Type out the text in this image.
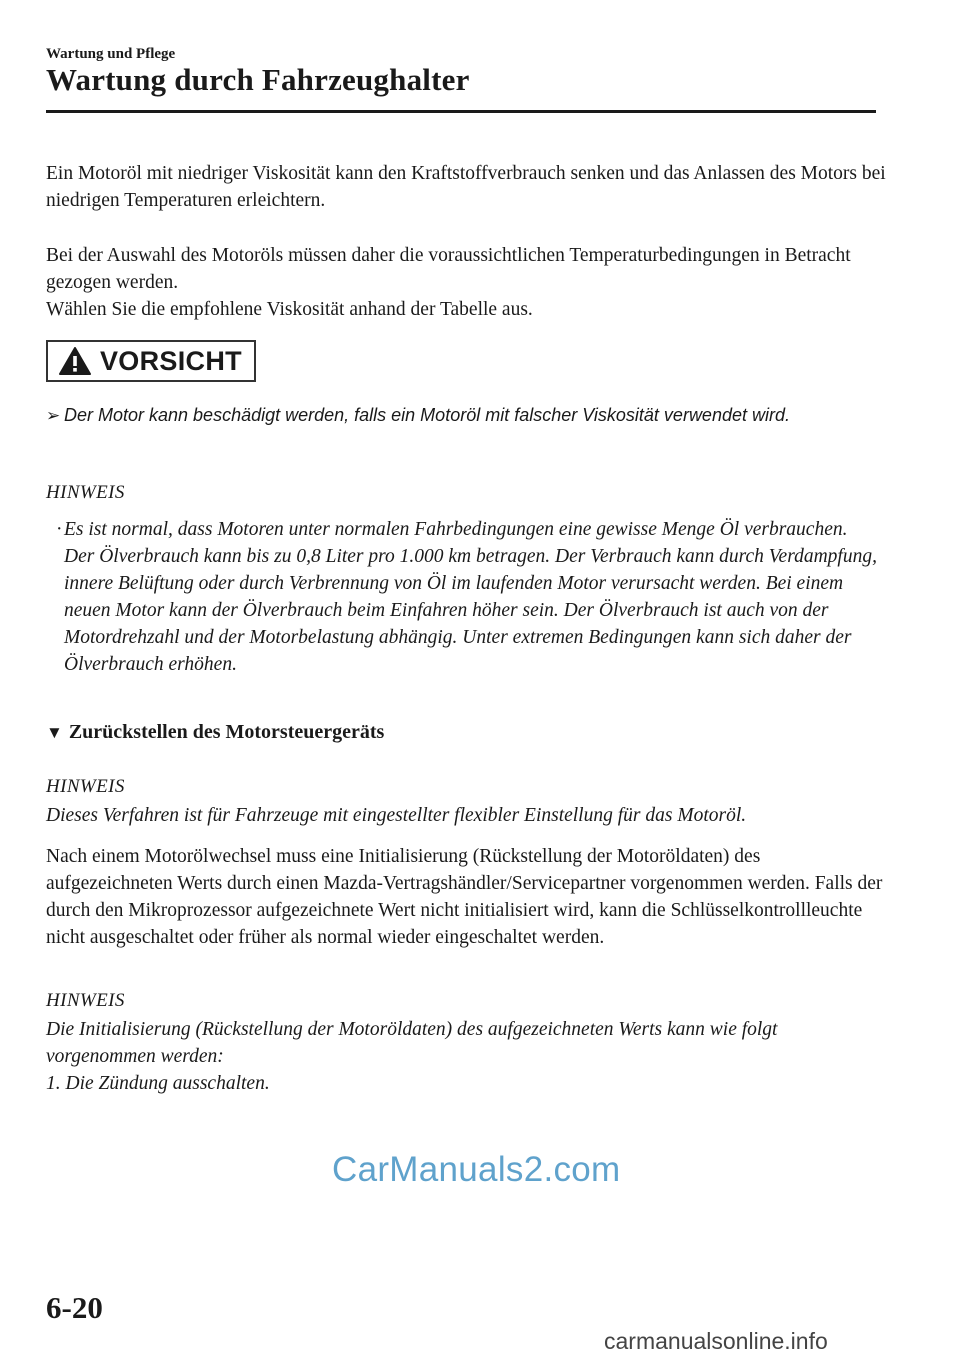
Wartung und Pflege
Wartung durch Fahrzeughalter
Ein Motoröl mit niedriger Viskosität kann den Kraftstoffverbrauch senken und das Anlassen des Motors bei niedrigen Temperaturen erleichtern.
Bei der Auswahl des Motoröls müssen daher die voraussichtlichen Temperaturbedingungen in Betracht gezogen werden.
Wählen Sie die empfohlene Viskosität anhand der Tabelle aus.
VORSICHT
➢ Der Motor kann beschädigt werden, falls ein Motoröl mit falscher Viskosität verwendet wird.
HINWEIS
· Es ist normal, dass Motoren unter normalen Fahrbedingungen eine gewisse Menge Öl verbrauchen.
Der Ölverbrauch kann bis zu 0,8 Liter pro 1.000 km betragen. Der Verbrauch kann durch Verdampfung, innere Belüftung oder durch Verbrennung von Öl im laufenden Motor verursacht werden. Bei einem neuen Motor kann der Ölverbrauch beim Einfahren höher sein. Der Ölverbrauch ist auch von der Motordrehzahl und der Motorbelastung abhängig. Unter extremen Bedingungen kann sich daher der Ölverbrauch erhöhen.
▼ Zurückstellen des Motorsteuergeräts
HINWEIS
Dieses Verfahren ist für Fahrzeuge mit eingestellter flexibler Einstellung für das Motoröl.
Nach einem Motorölwechsel muss eine Initialisierung (Rückstellung der Motoröldaten) des aufgezeichneten Werts durch einen Mazda-Vertragshändler/Servicepartner vorgenommen werden. Falls der durch den Mikroprozessor aufgezeichnete Wert nicht initialisiert wird, kann die Schlüsselkontrollleuchte nicht ausgeschaltet oder früher als normal wieder eingeschaltet werden.
HINWEIS
Die Initialisierung (Rückstellung der Motoröldaten) des aufgezeichneten Werts kann wie folgt vorgenommen werden:
1. Die Zündung ausschalten.
CarManuals2.com
6-20
carmanualsonline.info
